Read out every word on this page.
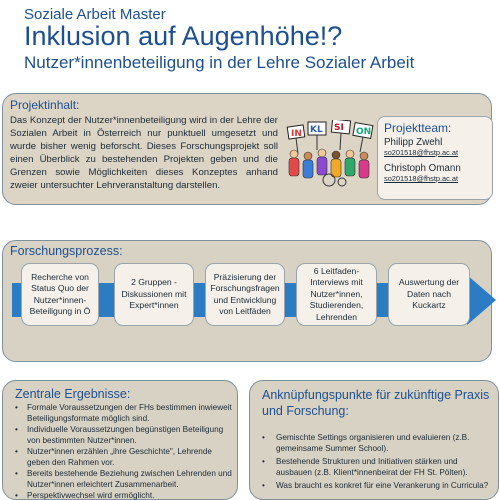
Soziale Arbeit Master
Inklusion auf Augenhöhe!?
Nutzer*innenbeteiligung in der Lehre Sozialer Arbeit
Projektinhalt:
Das Konzept der Nutzer*innenbeteiligung wird in der Lehre der Sozialen Arbeit in Österreich nur punktuell umgesetzt und wurde bisher wenig beforscht. Dieses Forschungsprojekt soll einen Überblick zu bestehenden Projekten geben und die Grenzen sowie Möglichkeiten dieses Konzeptes anhand zweier untersuchter Lehrveranstaltung darstellen.
IN KL SI ON Projektteam:
Philipp Zwehl
so201518@fhstp.ac.at
Christoph Omann
so201518@fhstp.ac.at
Forschungsprozess:
Recherche von Status Quo der Nutzer*innen-Beteiligung in Ö
2 Gruppen - Diskussionen mit Expert*innen
Präzisierung der Forschungsfragen und Entwicklung von Leitfäden
6 Leitfaden-Interviews mit Nutzer*innen, Studierenden, Lehrenden
Auswertung der Daten nach Kuckartz
Zentrale Ergebnisse:
• Formale Voraussetzungen der FHs bestimmen inwieweit Beteiligungsformate möglich sind.
• Individuelle Voraussetzungen begünstigen Beteiligung von bestimmten Nutzer*innen.
• Nutzer*innen erzählen „ihre Geschichte", Lehrende geben den Rahmen vor.
• Bereits bestehende Beziehung zwischen Lehrenden und Nutzer*innen erleichtert Zusammenarbeit.
• Perspektivwechsel wird ermöglicht.
Anknüpfungspunkte für zukünftige Praxis und Forschung:
• Gemischte Settings organisieren und evaluieren (z.B. gemeinsame Summer School).
• Bestehende Strukturen und Initiativen stärken und ausbauen (z.B. Klient*innenbeirat der FH St. Pölten).
• Was braucht es konkret für eine Verankerung in Curricula?
